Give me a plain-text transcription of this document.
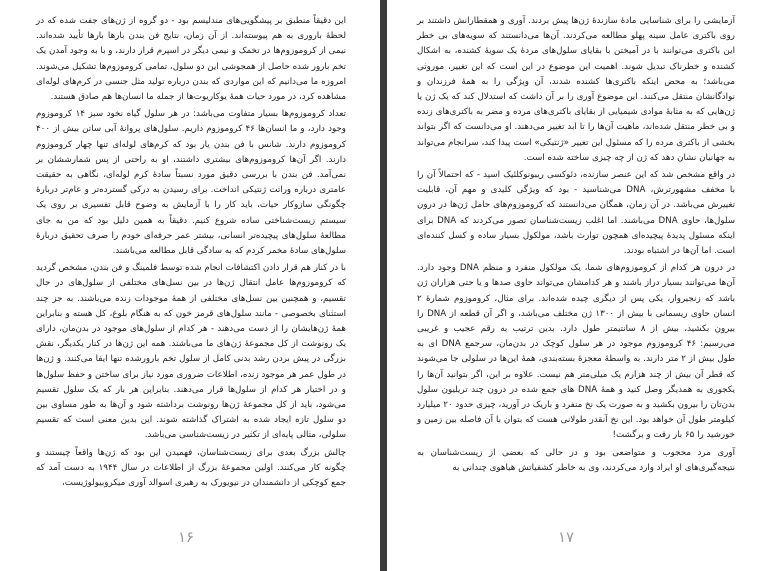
این دقیقاً منطبق بر پیشگویی‌های مندلیسم بود - دو گروه از ژن‌های جفت شده که در لحظهٔ باروری به هم پیوسته‌اند. از آن زمان، نتایج فن بندن بارها بارها تأیید شده‌اند. نیمی از کروموزوم‌ها در تخمک و نیمی دیگر در اسپرم قرار دارند، و با به وجود آمدن یک تخم بارور شده حاصل از همجوشی این دو سلول، تمامی کروموزوم‌ها تشکیل می‌شوند. امروزه ما می‌دانیم که این مواردی که بندن درباره تولید مثل جنسی در کرم‌های لوله‌ای مشاهده کرد، در مورد حیات همهٔ یوکاریوت‌ها از جمله ما انسان‌ها هم صادق هستند.

تعداد کروموزوم‌ها بسیار متفاوت می‌باشد: در هر سلول گیاه نخود سبز ۱۴ کروموزوم وجود دارد، و ما انسان‌ها ۴۶ کروموزوم داریم. سلول‌های پروانهٔ آبی ساتن بیش از ۴۰۰ کروموزوم دارند. شانس با فن بندن یار بود که کرم‌های لوله‌ای تنها چهار کروموزوم دارند. اگر آن‌ها کروموزوم‌های بیشتری داشتند، او به راحتی از پس شمارششان بر نمی‌آمد. فن بندن با بررسی دقیق مورد نسبتاً سادهٔ کرم لوله‌ای، نگاهی به حقیقت عامتری درباره وراثت ژنتیکی انداخت. برای رسیدن به درکی گسترده‌تر و عام‌تر دربارهٔ چگونگی سازوکار حیات، باید کار را با آزمایش به وضوح قابل تفسیری بر روی یک سیستم زیست‌شناختی ساده شروع کنیم. دقیقاً به همین دلیل بود که من به جای مطالعهٔ سلول‌های پیچیده‌تر انسانی، بیشتر عمر حرفه‌ای خودم را صرف تحقیق دربارهٔ سلول‌های سادهٔ مخمر کردم که به سادگی قابل مطالعه می‌باشند.

با در کنار هم قرار دادن اکتشافات انجام شده توسط فلمینگ و فن بندن، مشخص گردید که کروموزوم‌ها عامل انتقال ژن‌ها در بین نسل‌های مختلفی از سلول‌های در حال تقسیم، و همچنین بین نسل‌های مختلفی از همهٔ موجودات زنده می‌باشند. به جز چند استثنای بخصوصی - مانند سلول‌های قرمز خون که به هنگام بلوغ، کل هسته و بنابراین همهٔ ژن‌هایشان را از دست می‌دهند - هر کدام از سلول‌های موجود در بدن‌مان، دارای یک رونوشت از کل مجموعهٔ ژن‌های ما می‌باشند. همه این ژن‌ها در کنار یکدیگر، نقش بزرگی در پیش بردن رشد بدنی کامل از سلول تخم بارورشده تنها ایفا می‌کنند. و ژن‌ها در طول عمر هر موجود زنده، اطلاعات ضروری مورد نیاز برای ساختن و حفظ سلول‌ها و در اختیار هر کدام از سلول‌ها قرار می‌دهند. بنابراین هر بار که یک سلول تقسیم می‌شود، باید از کل مجموعهٔ ژن‌ها رونوشت برداشته شود و آن‌ها به طور مساوی بین دو سلول تازه ایجاد شده به اشتراک گذاشته شوند. این بدین معنی است که تقسیم سلولی، مثالی پایه‌ای از تکثیر در زیست‌شناسی می‌باشد.

چالش بزرگ بعدی برای زیست‌شناسان، فهمیدن این بود که ژن‌ها واقعاً چیستند و چگونه کار می‌کنند. اولین مجموعهٔ بزرگ از اطلاعات در سال ۱۹۴۴ به دست آمد که جمع کوچکی از دانشمندان در نیویورک به رهبری اسوالد آوری میکروبیولوژیست،

۱۶

آزمایشی را برای شناسایی مادهٔ سازندهٔ ژن‌ها پیش بردند. آوری و همقطارانش داشتند بر روی باکتری عامل سینه پهلو مطالعه می‌کردند. آن‌ها می‌دانستند که سویه‌های بی خطر این باکتری می‌توانند با در آمیختن با بقایای سلول‌های مردهٔ یک سویهٔ کشنده، به اشکال کشنده و خطرناک تبدیل شوند. اهمیت این موضوع در این است که این تغییر، موروثی می‌باشد؛ به محض اینکه باکتری‌ها کشنده شدند، آن ویژگی را به همهٔ فرزندان و نوادگانشان منتقل می‌کنند. این موضوع آوری را بر آن داشت که استدلال کند که یک ژن یا ژن‌هایی که به مثابهٔ موادی شیمیایی از بقایای باکتری‌های مرده و مضر به باکتری‌های زنده و بی خطر منتقل شده‌اند، ماهیت آن‌ها را تا ابد تغییر می‌دهند. او می‌دانست که اگر بتواند بخشی از باکتری مرده را که مسئول این تغییر «ژنتیکی» است پیدا کند، سرانجام می‌تواند به جهانیان نشان دهد که ژن از چه چیزی ساخته شده است.

در واقع مشخص شد که این عنصر سازنده، دئوکسی ریبونوکلئیک اسید - که احتمالاً آن را با مخفف مشهورترش، DNA می‌شناسید - بود که ویژگی کلیدی و مهم آن، قابلیت تغییرش می‌باشد. در آن زمان، همگان می‌دانستند که کروموزوم‌های حامل ژن‌ها در درون سلول‌ها، حاوی DNA می‌باشند. اما اغلب زیست‌شناسان تصور می‌کردند که DNA برای اینکه مسئول پدیدهٔ پیچیده‌ای همچون توارث باشد، مولکول بسیار ساده و کسل کننده‌ای است. اما آن‌ها در اشتباه بودند.

در درون هر کدام از کروموزوم‌های شما، یک مولکول منفرد و منظم DNA وجود دارد. آن‌ها می‌توانند بسیار دراز باشند و هر کدامشان می‌تواند حاوی صدها و یا حتی هزاران ژن باشد که زنجیروار، یکی پس از دیگری چیده شده‌اند. برای مثال، کروموزوم شمارهٔ ۲ انسان حاوی ریسمانی با بیش از ۱۳۰۰ ژن مختلف می‌باشد، و اگر آن قطعه از DNA را بیرون بکشید، بیش از ۸ سانتیمتر طول دارد. بدین ترتیب به رقم عجیب و غریبی می‌رسیم: ۴۶ کروموزوم موجود در هر سلول کوچک در بدن‌مان، سرجمع DNA ای به طول بیش از ۲ متر دارند. به واسطهٔ معجزهٔ بسته‌بندی، همهٔ این‌ها در سلولی جا می‌شوند که قطر آن بیش از چند هزارم یک میلی‌متر هم نیست. علاوه بر این، اگر بتوانید آن‌ها را یکجوری به همدیگر وصل کنید و همهٔ DNA های جمع شده در درون چند تریلیون سلول بدن‌تان را بیرون بکشید و به صورت یک نخ منفرد و باریک در آورید، چیزی حدود ۲۰ میلیارد کیلومتر طول آن خواهد بود. این نخ آنقدر طولانی هست که بتوان با آن فاصله بین زمین و خورشید را ۶۵ بار رفت و برگشت!

آوری مرد محجوب و متواضعی بود و در حالی که بعضی از زیست‌شناسان به نتیجه‌گیری‌های او ایراد وارد می‌کردند، وی به خاطر کشفیاتش هیاهوی چندانی به

۱۷
